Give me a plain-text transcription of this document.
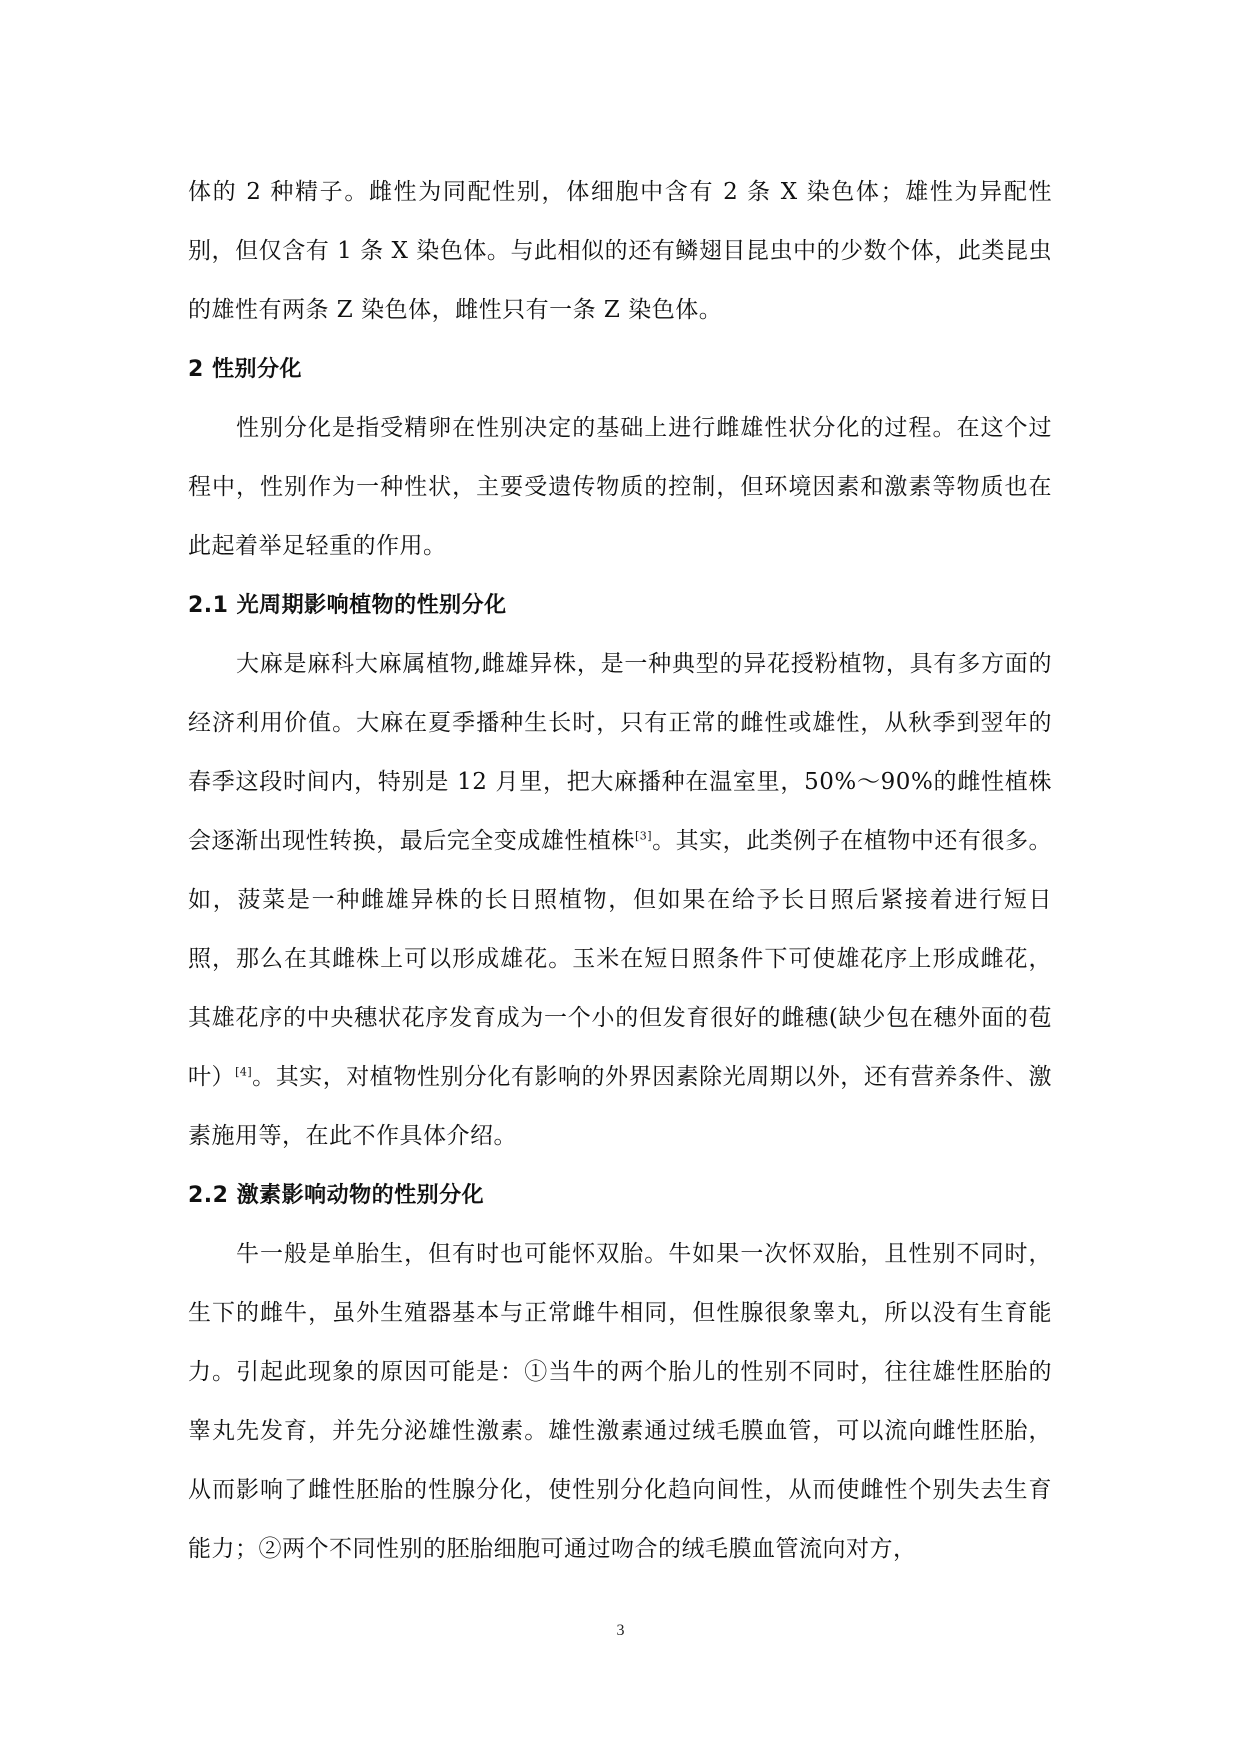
体的 2 种精子。雌性为同配性别，体细胞中含有 2 条 X 染色体；雄性为异配性别，但仅含有 1 条 X 染色体。与此相似的还有鳞翅目昆虫中的少数个体，此类昆虫的雄性有两条 Z 染色体，雌性只有一条 Z 染色体。

2 性别分化

性别分化是指受精卵在性别决定的基础上进行雌雄性状分化的过程。在这个过程中，性别作为一种性状，主要受遗传物质的控制，但环境因素和激素等物质也在此起着举足轻重的作用。

2.1 光周期影响植物的性别分化

大麻是麻科大麻属植物,雌雄异株，是一种典型的异花授粉植物，具有多方面的经济利用价值。大麻在夏季播种生长时，只有正常的雌性或雄性，从秋季到翌年的春季这段时间内，特别是 12 月里，把大麻播种在温室里，50%～90%的雌性植株会逐渐出现性转换，最后完全变成雄性植株[3]。其实，此类例子在植物中还有很多。如，菠菜是一种雌雄异株的长日照植物，但如果在给予长日照后紧接着进行短日照，那么在其雌株上可以形成雄花。玉米在短日照条件下可使雄花序上形成雌花，其雄花序的中央穗状花序发育成为一个小的但发育很好的雌穗(缺少包在穗外面的苞叶）[4]。其实，对植物性别分化有影响的外界因素除光周期以外，还有营养条件、激素施用等，在此不作具体介绍。

2.2 激素影响动物的性别分化

牛一般是单胎生，但有时也可能怀双胎。牛如果一次怀双胎，且性别不同时，生下的雌牛，虽外生殖器基本与正常雌牛相同，但性腺很象睾丸，所以没有生育能力。引起此现象的原因可能是：①当牛的两个胎儿的性别不同时，往往雄性胚胎的睾丸先发育，并先分泌雄性激素。雄性激素通过绒毛膜血管，可以流向雌性胚胎，从而影响了雌性胚胎的性腺分化，使性别分化趋向间性，从而使雌性个别失去生育能力；②两个不同性别的胚胎细胞可通过吻合的绒毛膜血管流向对方，

3
